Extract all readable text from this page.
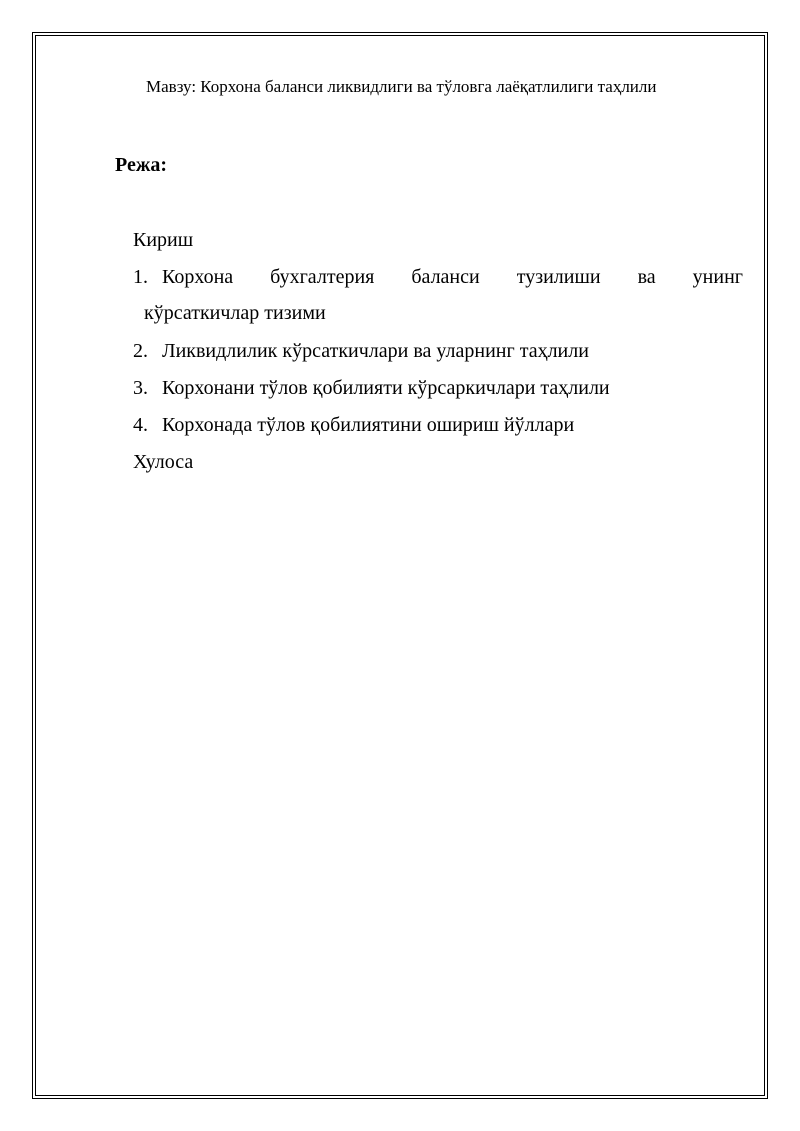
Мавзу: Корхона баланси ликвидлиги ва тўловга лаёқатлилиги таҳлили
Режа:
Кириш
1. Корхона бухгалтерия баланси тузилиши ва унинг
кўрсаткичлар тизими
2. Ликвидлилик кўрсаткичлари ва уларнинг таҳлили
3. Корхонани тўлов қобилияти кўрсаркичлари таҳлили
4. Корхонада тўлов қобилиятини ошириш йўллари
Хулоса
